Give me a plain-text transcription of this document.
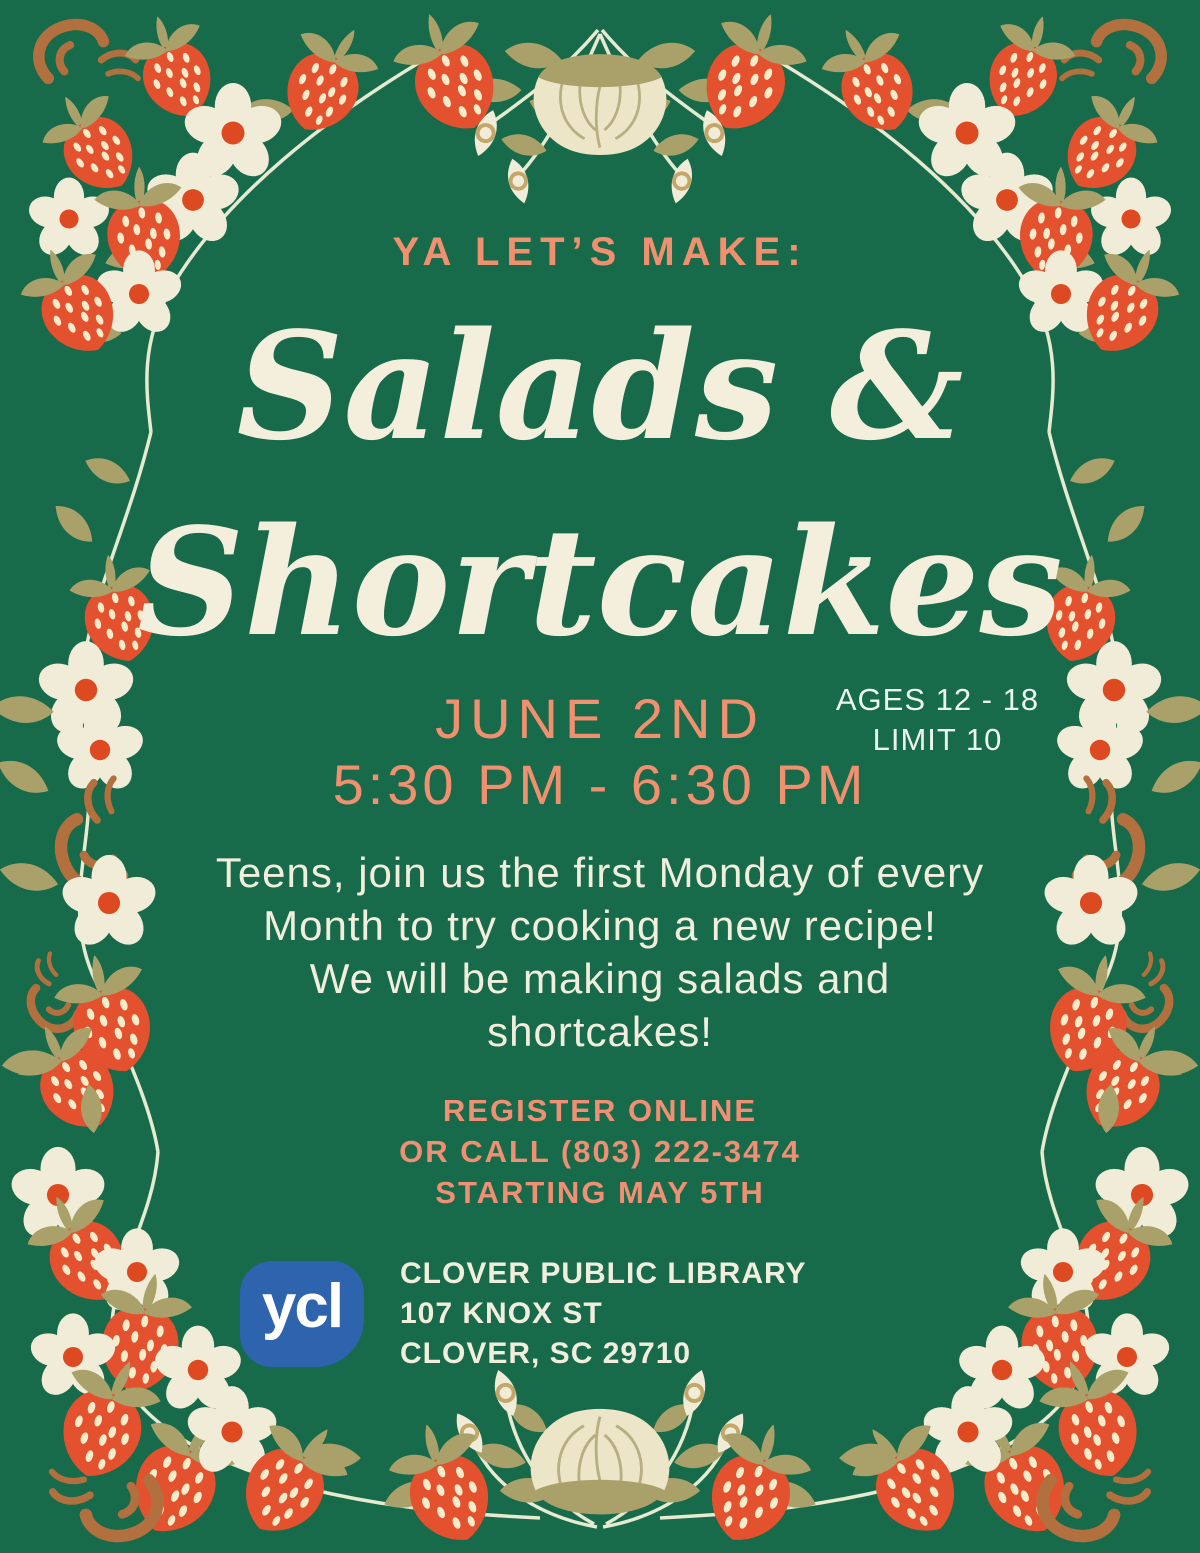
YA LET’S MAKE:
Salads &
Shortcakes
JUNE 2ND	AGES 12 - 18
LIMIT 10
5:30 PM - 6:30 PM
Teens, join us the first Monday of every
Month to try cooking a new recipe!
We will be making salads and
shortcakes!
REGISTER ONLINE
OR CALL (803) 222-3474
STARTING MAY 5TH
ycl CLOVER PUBLIC LIBRARY
107 KNOX ST
CLOVER, SC 29710
